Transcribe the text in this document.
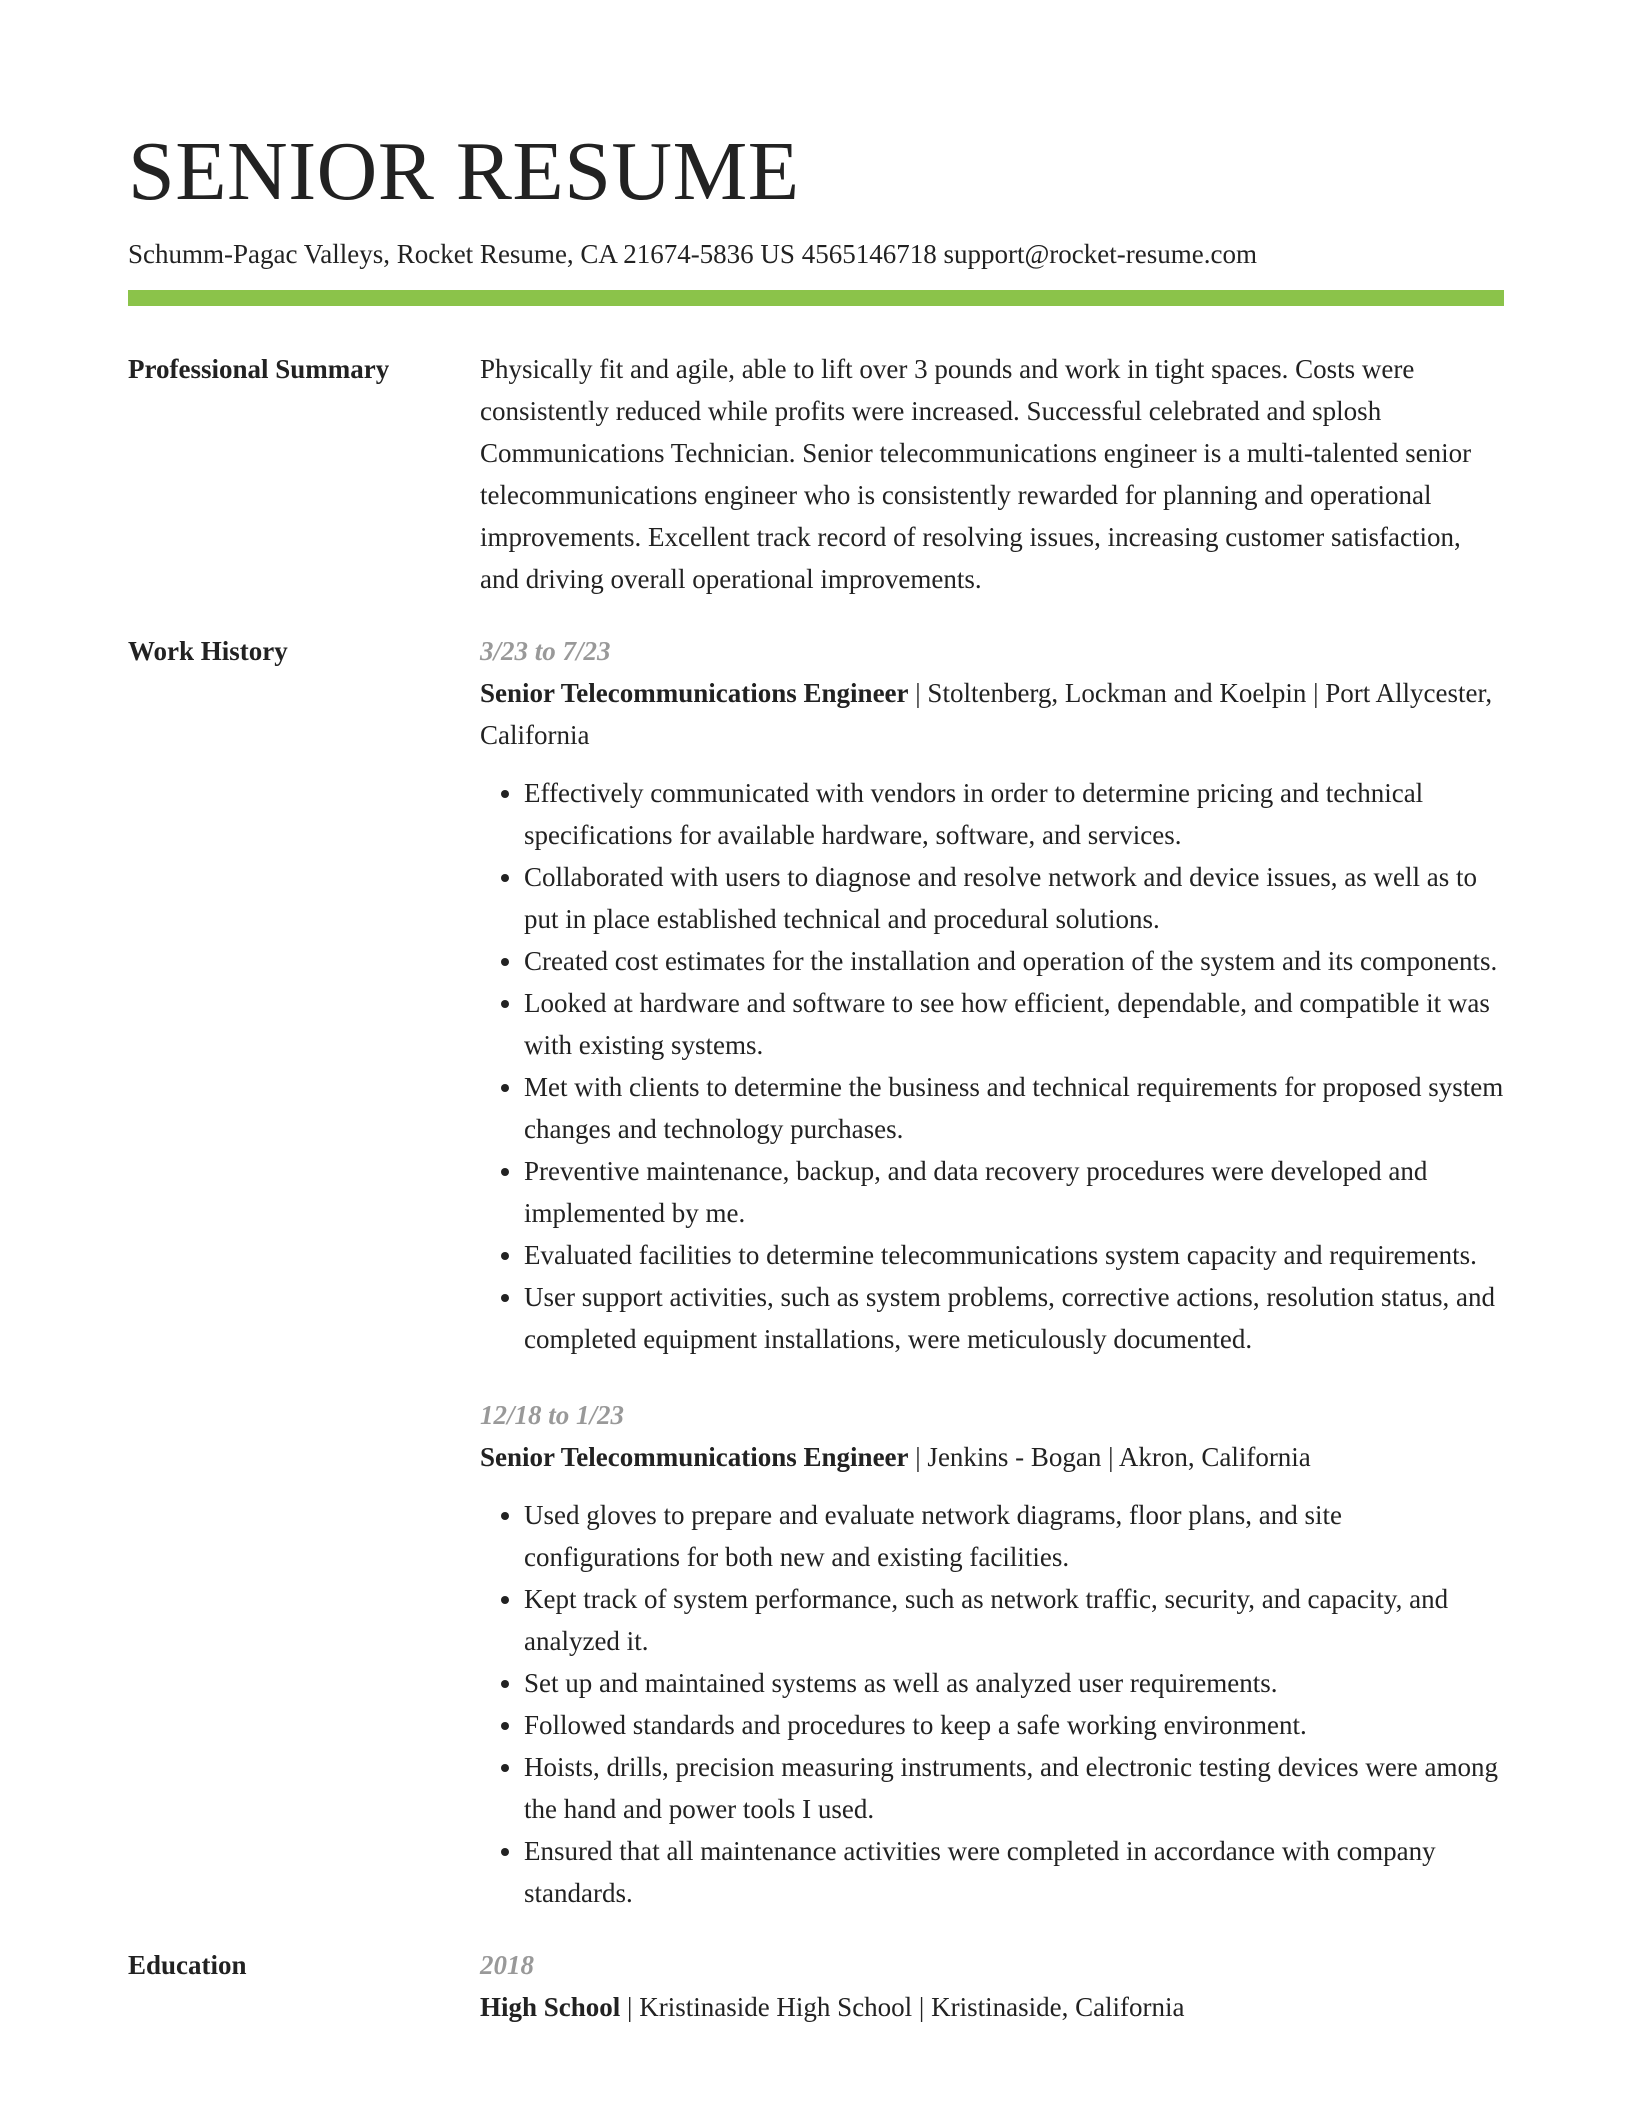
SENIOR RESUME
Schumm-Pagac Valleys, Rocket Resume, CA 21674-5836 US 4565146718 support@rocket-resume.com
Professional Summary	Physically fit and agile, able to lift over 3 pounds and work in tight spaces. Costs were consistently reduced while profits were increased. Successful celebrated and splosh Communications Technician. Senior telecommunications engineer is a multi-talented senior telecommunications engineer who is consistently rewarded for planning and operational improvements. Excellent track record of resolving issues, increasing customer satisfaction, and driving overall operational improvements.

Work History	3/23 to 7/23
Senior Telecommunications Engineer | Stoltenberg, Lockman and Koelpin | Port Allycester, California
• Effectively communicated with vendors in order to determine pricing and technical specifications for available hardware, software, and services.
• Collaborated with users to diagnose and resolve network and device issues, as well as to put in place established technical and procedural solutions.
• Created cost estimates for the installation and operation of the system and its components.
• Looked at hardware and software to see how efficient, dependable, and compatible it was with existing systems.
• Met with clients to determine the business and technical requirements for proposed system changes and technology purchases.
• Preventive maintenance, backup, and data recovery procedures were developed and implemented by me.
• Evaluated facilities to determine telecommunications system capacity and requirements.
• User support activities, such as system problems, corrective actions, resolution status, and completed equipment installations, were meticulously documented.
12/18 to 1/23
Senior Telecommunications Engineer | Jenkins - Bogan | Akron, California
• Used gloves to prepare and evaluate network diagrams, floor plans, and site configurations for both new and existing facilities.
• Kept track of system performance, such as network traffic, security, and capacity, and analyzed it.
• Set up and maintained systems as well as analyzed user requirements.
• Followed standards and procedures to keep a safe working environment.
• Hoists, drills, precision measuring instruments, and electronic testing devices were among the hand and power tools I used.
• Ensured that all maintenance activities were completed in accordance with company standards.
Education	2018
High School | Kristinaside High School | Kristinaside, California
